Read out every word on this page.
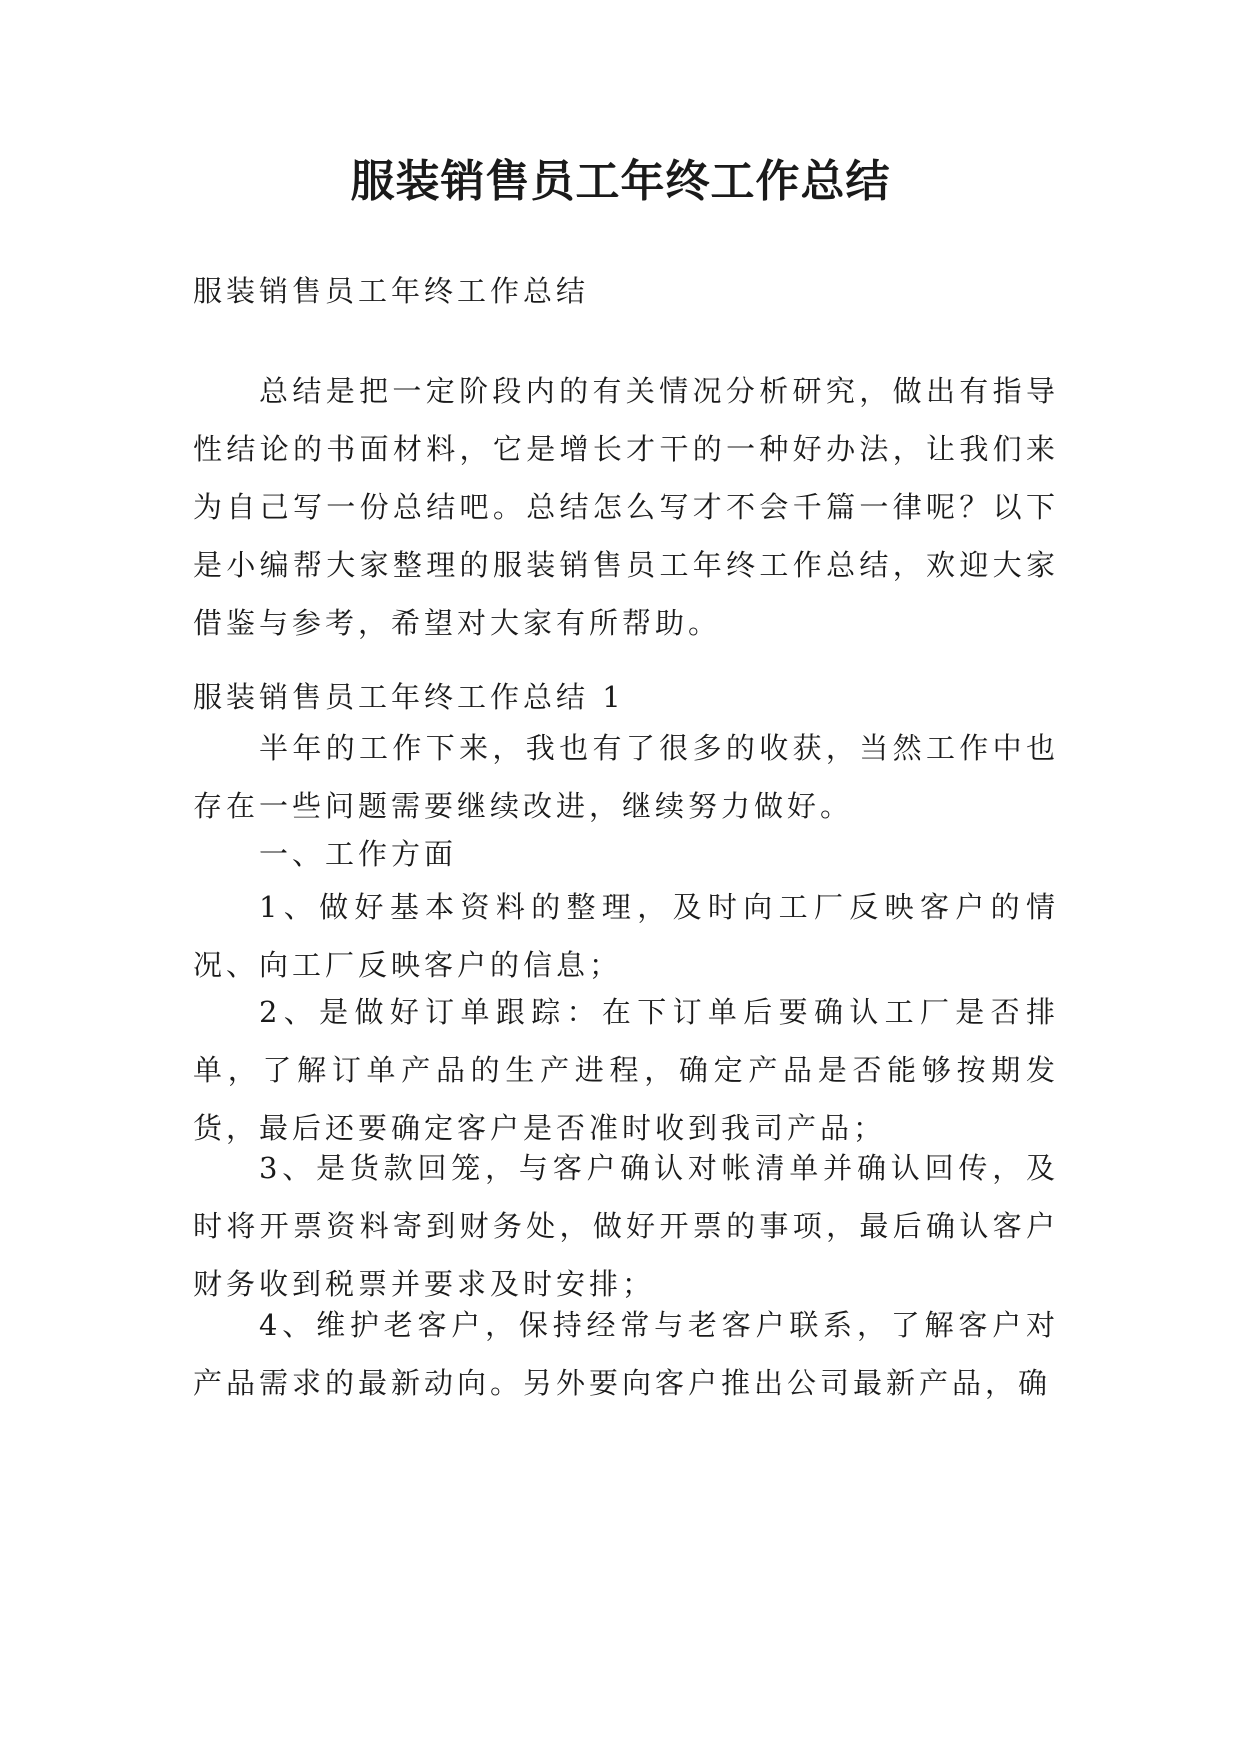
服装销售员工年终工作总结

服装销售员工年终工作总结

总结是把一定阶段内的有关情况分析研究，做出有指导性结论的书面材料，它是增长才干的一种好办法，让我们来为自己写一份总结吧。总结怎么写才不会千篇一律呢？以下是小编帮大家整理的服装销售员工年终工作总结，欢迎大家借鉴与参考，希望对大家有所帮助。

服装销售员工年终工作总结 1

半年的工作下来，我也有了很多的收获，当然工作中也存在一些问题需要继续改进，继续努力做好。

一、工作方面

1、做好基本资料的整理，及时向工厂反映客户的情况、向工厂反映客户的信息；

2、是做好订单跟踪：在下订单后要确认工厂是否排单，了解订单产品的生产进程，确定产品是否能够按期发货，最后还要确定客户是否准时收到我司产品；

3、是货款回笼，与客户确认对帐清单并确认回传，及时将开票资料寄到财务处，做好开票的事项，最后确认客户财务收到税票并要求及时安排；

4、维护老客户，保持经常与老客户联系，了解客户对产品需求的最新动向。另外要向客户推出公司最新产品，确
